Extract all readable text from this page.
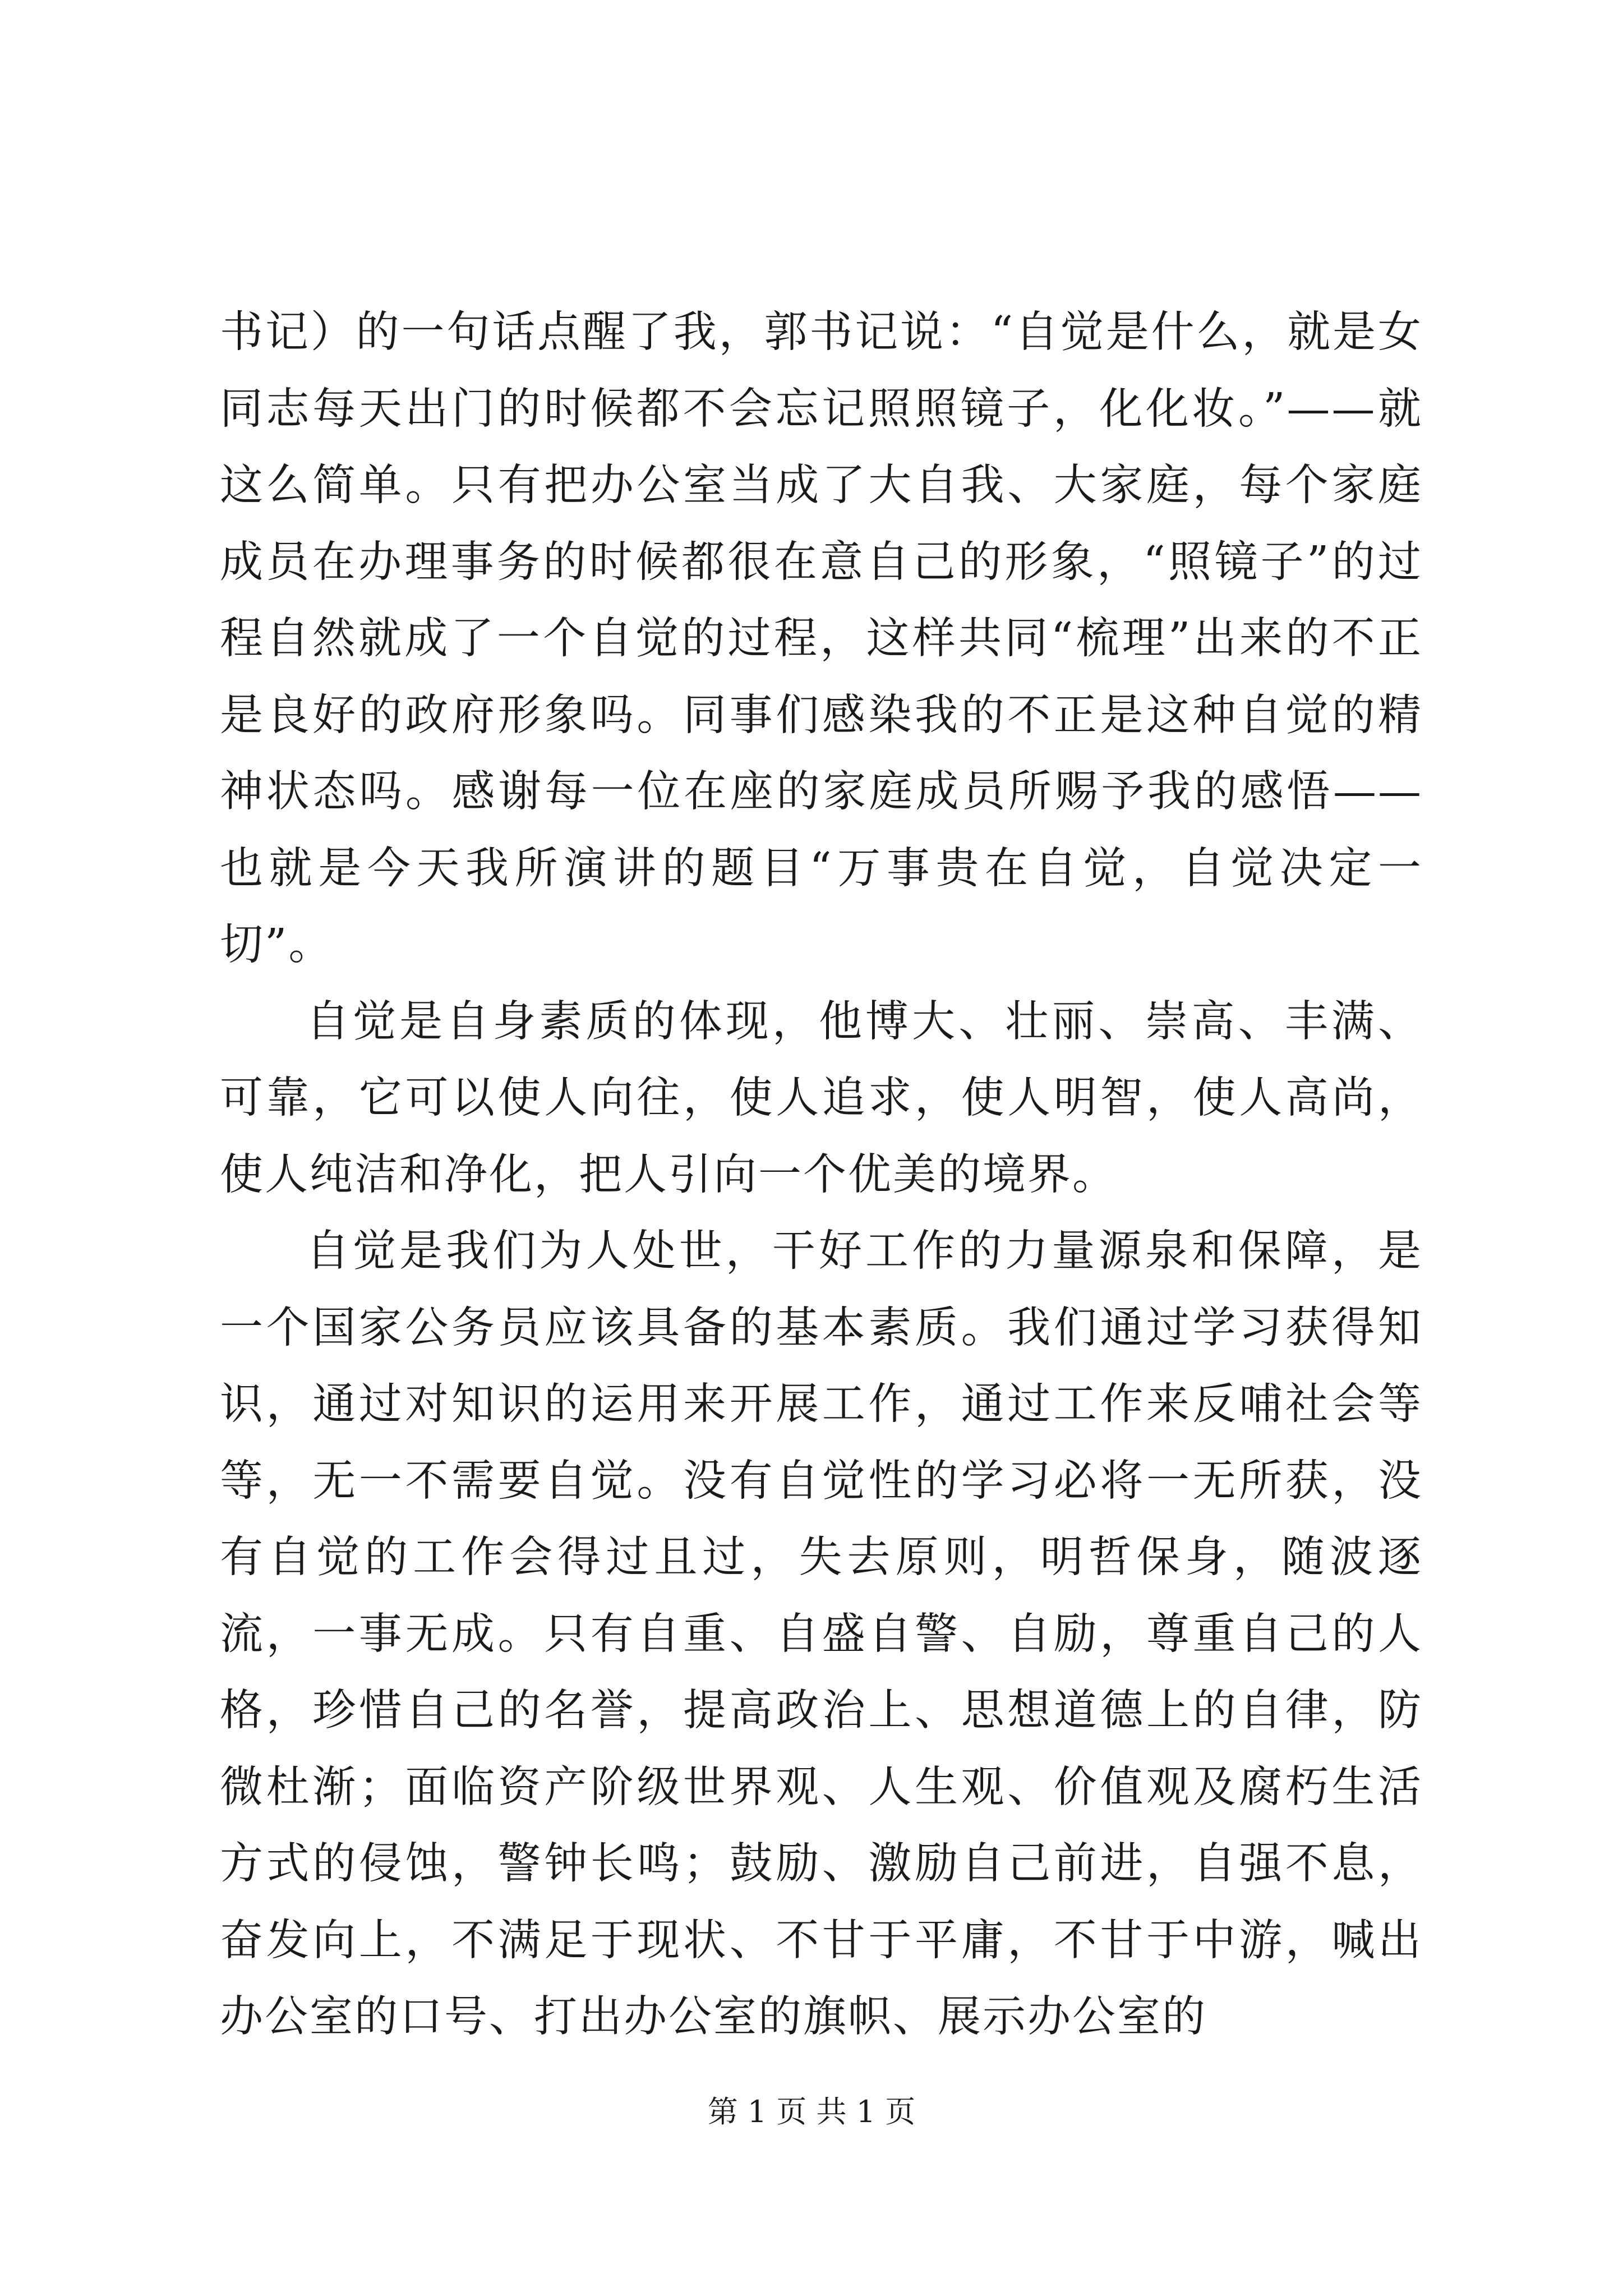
书记）的一句话点醒了我，郭书记说：“自觉是什么，就是女同志每天出门的时候都不会忘记照照镜子，化化妆。”——就这么简单。只有把办公室当成了大自我、大家庭，每个家庭成员在办理事务的时候都很在意自己的形象，“照镜子”的过程自然就成了一个自觉的过程，这样共同“梳理”出来的不正是良好的政府形象吗。同事们感染我的不正是这种自觉的精神状态吗。感谢每一位在座的家庭成员所赐予我的感悟——也就是今天我所演讲的题目“万事贵在自觉，自觉决定一切”。

自觉是自身素质的体现，他博大、壮丽、崇高、丰满、可靠，它可以使人向往，使人追求，使人明智，使人高尚，使人纯洁和净化，把人引向一个优美的境界。

自觉是我们为人处世，干好工作的力量源泉和保障，是一个国家公务员应该具备的基本素质。我们通过学习获得知识，通过对知识的运用来开展工作，通过工作来反哺社会等等，无一不需要自觉。没有自觉性的学习必将一无所获，没有自觉的工作会得过且过，失去原则，明哲保身，随波逐流，一事无成。只有自重、自盛自警、自励，尊重自己的人格，珍惜自己的名誉，提高政治上、思想道德上的自律，防微杜渐；面临资产阶级世界观、人生观、价值观及腐朽生活方式的侵蚀，警钟长鸣；鼓励、激励自己前进，自强不息，奋发向上，不满足于现状、不甘于平庸，不甘于中游，喊出办公室的口号、打出办公室的旗帜、展示办公室的

第 1 页 共 1 页
